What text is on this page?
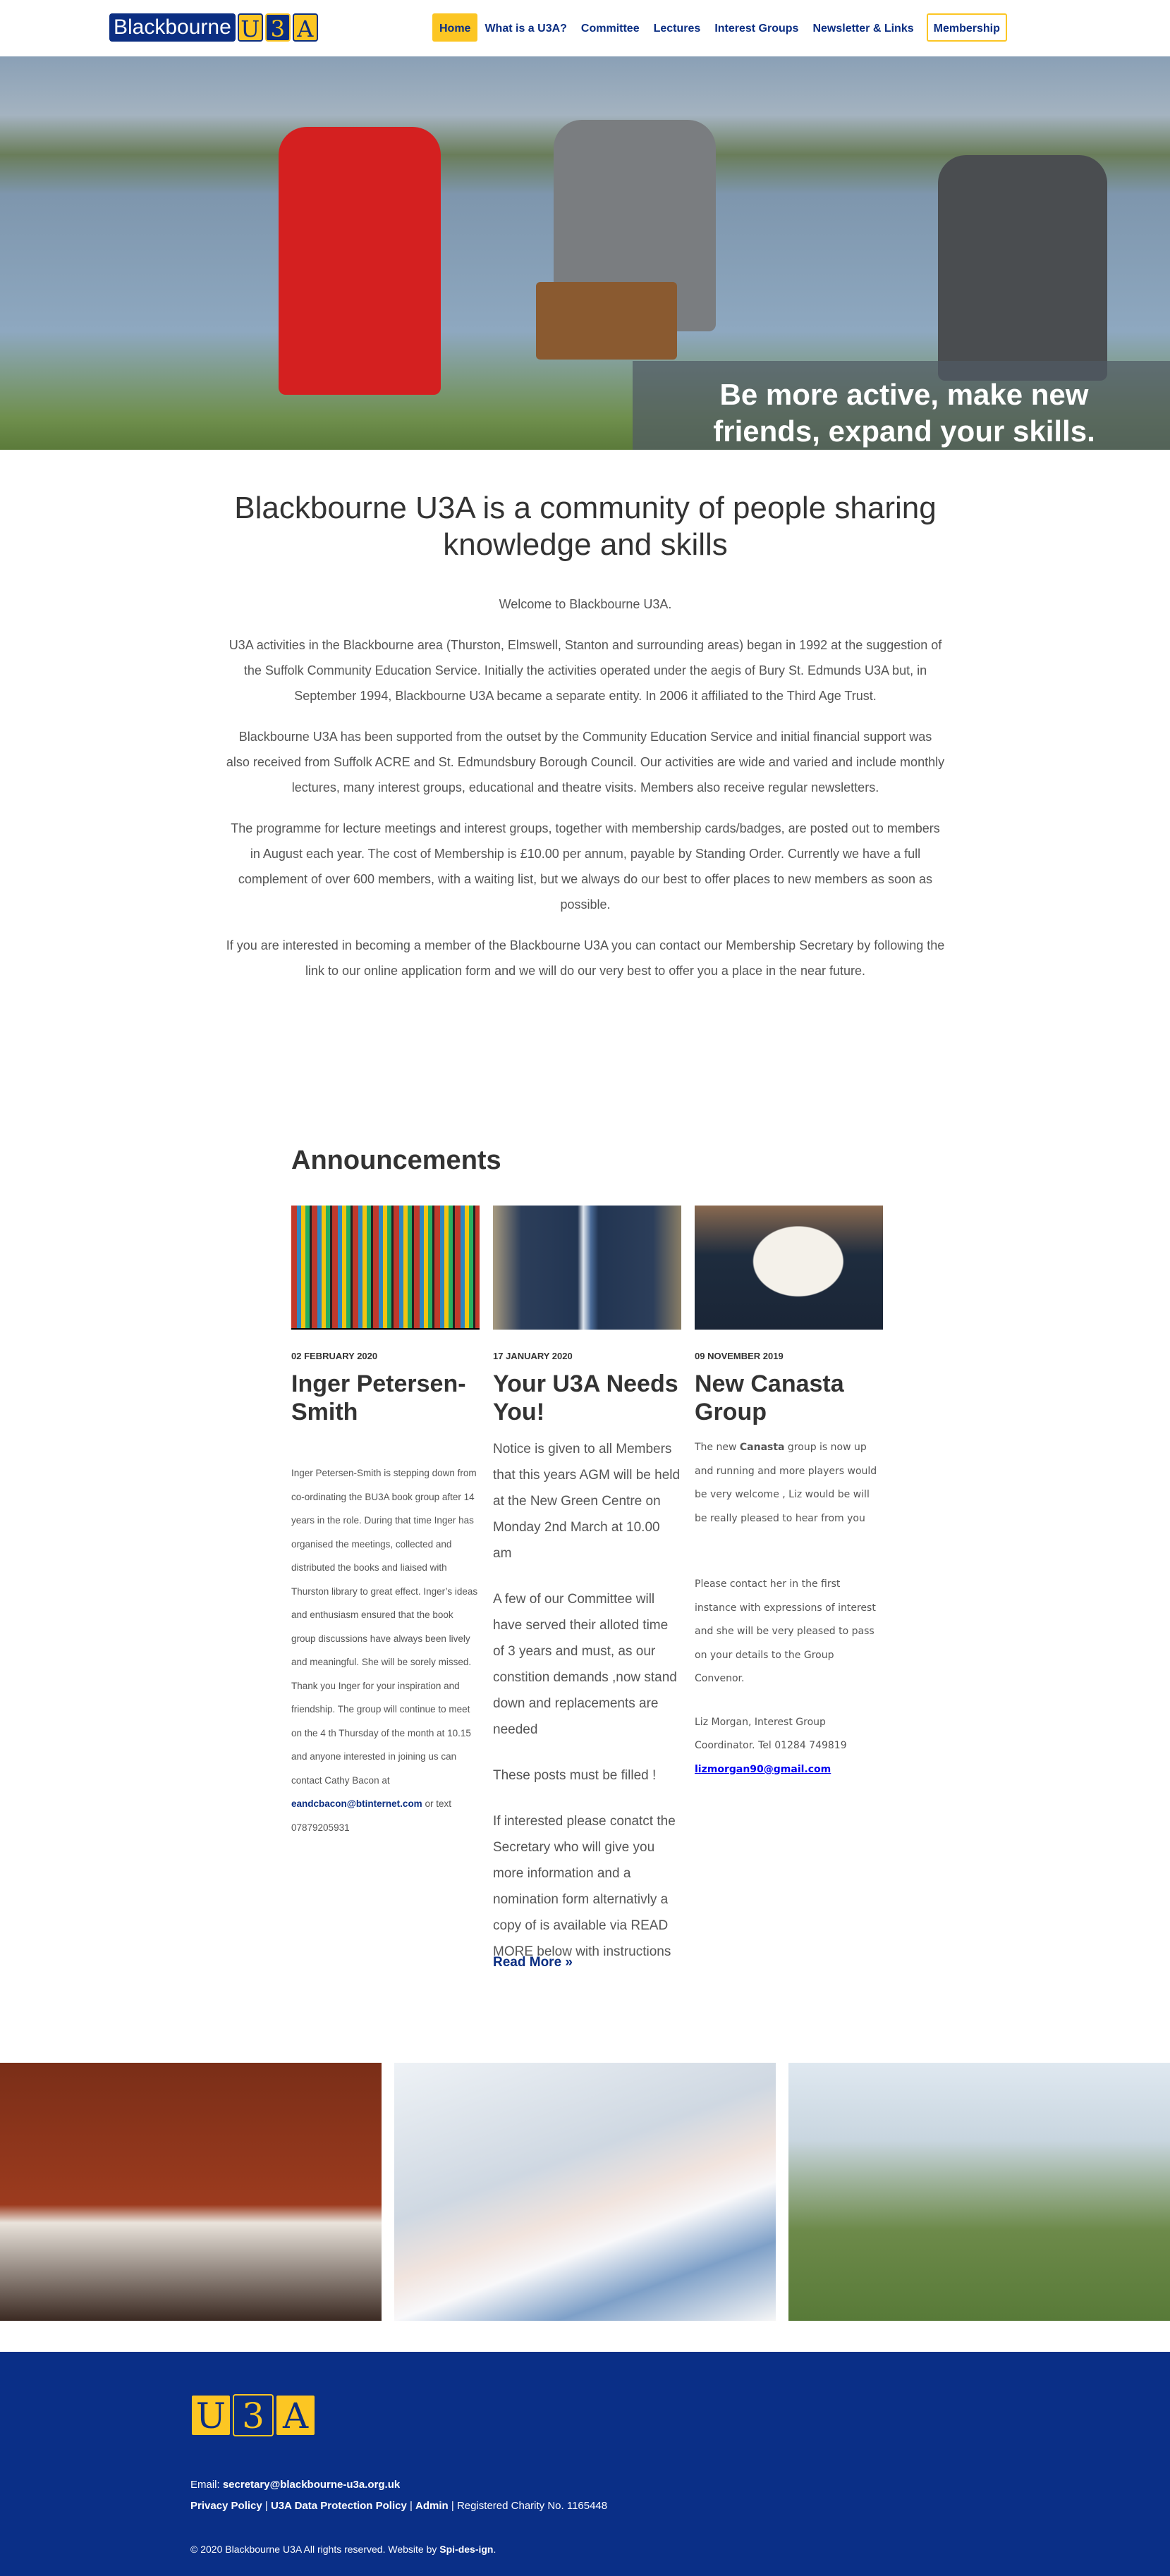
Blackbourne U 3 A	Home	What is a U3A?	Committee	Lectures	Interest Groups	Newsletter & Links	Membership
Be more active, make new
friends, expand your skills.
Blackbourne U3A is a community of people sharing knowledge and skills

Welcome to Blackbourne U3A.

U3A activities in the Blackbourne area (Thurston, Elmswell, Stanton and surrounding areas) began in 1992 at the suggestion of the Suffolk Community Education Service. Initially the activities operated under the aegis of Bury St. Edmunds U3A but, in September 1994, Blackbourne U3A became a separate entity. In 2006 it affiliated to the Third Age Trust.

Blackbourne U3A has been supported from the outset by the Community Education Service and initial financial support was also received from Suffolk ACRE and St. Edmundsbury Borough Council. Our activities are wide and varied and include monthly lectures, many interest groups, educational and theatre visits. Members also receive regular newsletters.

The programme for lecture meetings and interest groups, together with membership cards/badges, are posted out to members in August each year. The cost of Membership is £10.00 per annum, payable by Standing Order. Currently we have a full complement of over 600 members, with a waiting list, but we always do our best to offer places to new members as soon as possible.

If you are interested in becoming a member of the Blackbourne U3A you can contact our Membership Secretary by following the link to our online application form and we will do our very best to offer you a place in the near future.

Announcements
02 FEBRUARY 2020
Inger Petersen-Smith
Inger Petersen-Smith is stepping down from co-ordinating the BU3A book group after 14 years in the role. During that time Inger has organised the meetings, collected and distributed the books and liaised with Thurston library to great effect. Inger’s ideas and enthusiasm ensured that the book group discussions have always been lively and meaningful. She will be sorely missed. Thank you Inger for your inspiration and friendship. The group will continue to meet on the 4 th Thursday of the month at 10.15 and anyone interested in joining us can contact Cathy Bacon at eandcbacon@btinternet.com or text 07879205931
17 JANUARY 2020
Your U3A Needs You!

Notice is given to all Members that this years AGM will be held at the New Green Centre on Monday 2nd March at 10.00 am

A few of our Committee will have served their alloted time of 3 years and must, as our constition demands ,now stand down and replacements are needed

These posts must be filled !

If interested please conatct the Secretary who will give you more information and a nomination form alternativly a copy of is available via READ MORE below with instructions

09 NOVEMBER 2019
New Canasta Group

The new Canasta group is now up and running and more players would be very welcome , Liz would be will be really pleased to hear from you

Please contact her in the first instance with expressions of interest and she will be very pleased to pass on your details to the Group Convenor.

Liz Morgan, Interest Group Coordinator. Tel 01284 749819
lizmorgan90@gmail.com
Read More »
U 3 A
Email: secretary@blackbourne-u3a.org.uk
Privacy Policy | U3A Data Protection Policy | Admin | Registered Charity No. 1165448
© 2020 Blackbourne U3A All rights reserved. Website by Spi-des-ign.
